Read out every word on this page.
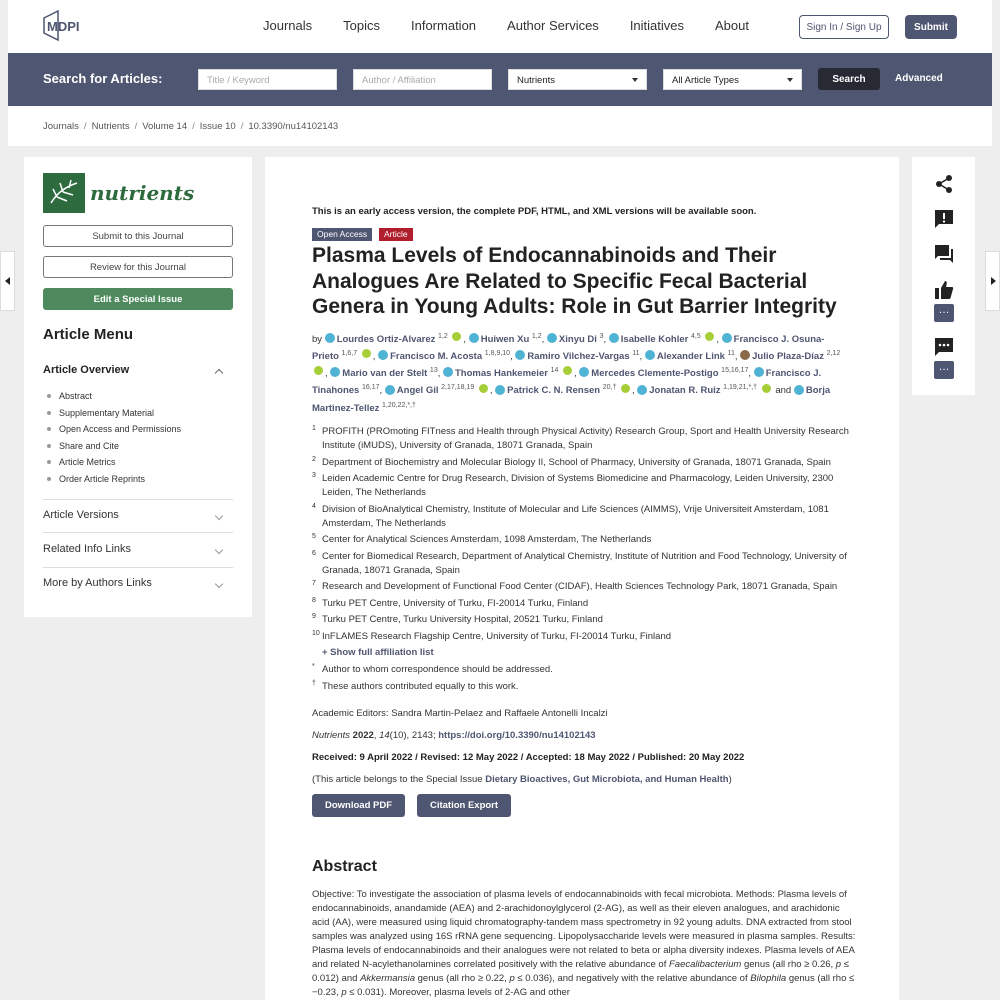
MDPI	Journals Topics Information Author Services Initiatives About	Sign In / Sign Up	Submit
Search for Articles:	Title / Keyword	Author / Affiliation	Nutrients	All Article Types	Search	Advanced
Journals / Nutrients / Volume 14 / Issue 10 / 10.3390/nu14102143
nutrients
Submit to this Journal
Review for this Journal
Edit a Special Issue
Article Menu
Article Overview
Abstract
Supplementary Material
Open Access and Permissions
Share and Cite
Article Metrics
Order Article Reprints
Article Versions
Related Info Links
More by Authors Links
This is an early access version, the complete PDF, HTML, and XML versions will be available soon.
Open Access	Article
Plasma Levels of Endocannabinoids and Their Analogues Are Related to Specific Fecal Bacterial Genera in Young Adults: Role in Gut Barrier Integrity
by Lourdes Ortiz-Alvarez $^{1,2}$ , Huiwen Xu $^{1,2}$, Xinyu Di $^3$, Isabelle Kohler $^{4,5}$ , Francisco J. Osuna-Prieto $^{1,6,7}$ , Francisco M. Acosta $^{1,8,9,10}$, Ramiro Vilchez-Vargas $^{11}$, Alexander Link $^{11}$, Julio Plaza-Díaz $^{2,12}$ , Mario van der Stelt $^{13}$, Thomas Hankemeier $^{14}$ , Mercedes Clemente-Postigo $^{15,16,17}$, Francisco J. Tinahones $^{16,17}$, Angel Gil $^{2,17,18,19}$ , Patrick C. N. Rensen $^{20,\dagger}$ , Jonatan R. Ruiz $^{1,19,21,*,\dagger}$ and Borja Martinez-Tellez $^{1,20,22,*,\dagger}$
1 PROFITH (PROmoting FITness and Health through Physical Activity) Research Group, Sport and Health University Research Institute (iMUDS), University of Granada, 18071 Granada, Spain
2 Department of Biochemistry and Molecular Biology II, School of Pharmacy, University of Granada, 18071 Granada, Spain
3 Leiden Academic Centre for Drug Research, Division of Systems Biomedicine and Pharmacology, Leiden University, 2300 Leiden, The Netherlands
4 Division of BioAnalytical Chemistry, Institute of Molecular and Life Sciences (AIMMS), Vrije Universiteit Amsterdam, 1081 Amsterdam, The Netherlands
5 Center for Analytical Sciences Amsterdam, 1098 Amsterdam, The Netherlands
6 Center for Biomedical Research, Department of Analytical Chemistry, Institute of Nutrition and Food Technology, University of Granada, 18071 Granada, Spain
7 Research and Development of Functional Food Center (CIDAF), Health Sciences Technology Park, 18071 Granada, Spain
8 Turku PET Centre, University of Turku, FI-20014 Turku, Finland
9 Turku PET Centre, Turku University Hospital, 20521 Turku, Finland
10 InFLAMES Research Flagship Centre, University of Turku, FI-20014 Turku, Finland
+ Show full affiliation list
* Author to whom correspondence should be addressed.
† These authors contributed equally to this work.
Academic Editors: Sandra Martin-Pelaez and Raffaele Antonelli Incalzi
Nutrients 2022, 14(10), 2143; https://doi.org/10.3390/nu14102143
Received: 9 April 2022 / Revised: 12 May 2022 / Accepted: 18 May 2022 / Published: 20 May 2022
(This article belongs to the Special Issue Dietary Bioactives, Gut Microbiota, and Human Health)
Download PDF	Citation Export
Abstract
Objective: To investigate the association of plasma levels of endocannabinoids with fecal microbiota. Methods: Plasma levels of endocannabinoids, anandamide (AEA) and 2-arachidonoylglycerol (2-AG), as well as their eleven analogues, and arachidonic acid (AA), were measured using liquid chromatography-tandem mass spectrometry in 92 young adults. DNA extracted from stool samples was analyzed using 16S rRNA gene sequencing. Lipopolysaccharide levels were measured in plasma samples. Results: Plasma levels of endocannabinoids and their analogues were not related to beta or alpha diversity indexes. Plasma levels of AEA and related N-acylethanolamines correlated positively with the relative abundance of Faecalibacterium genus (all rho ≥ 0.26, p ≤ 0.012) and Akkermansia genus (all rho ≥ 0.22, p ≤ 0.036), and negatively with the relative abundance of Bilophila genus (all rho ≤ −0.23, p ≤ 0.031). Moreover, plasma levels of 2-AG and other
…
…
